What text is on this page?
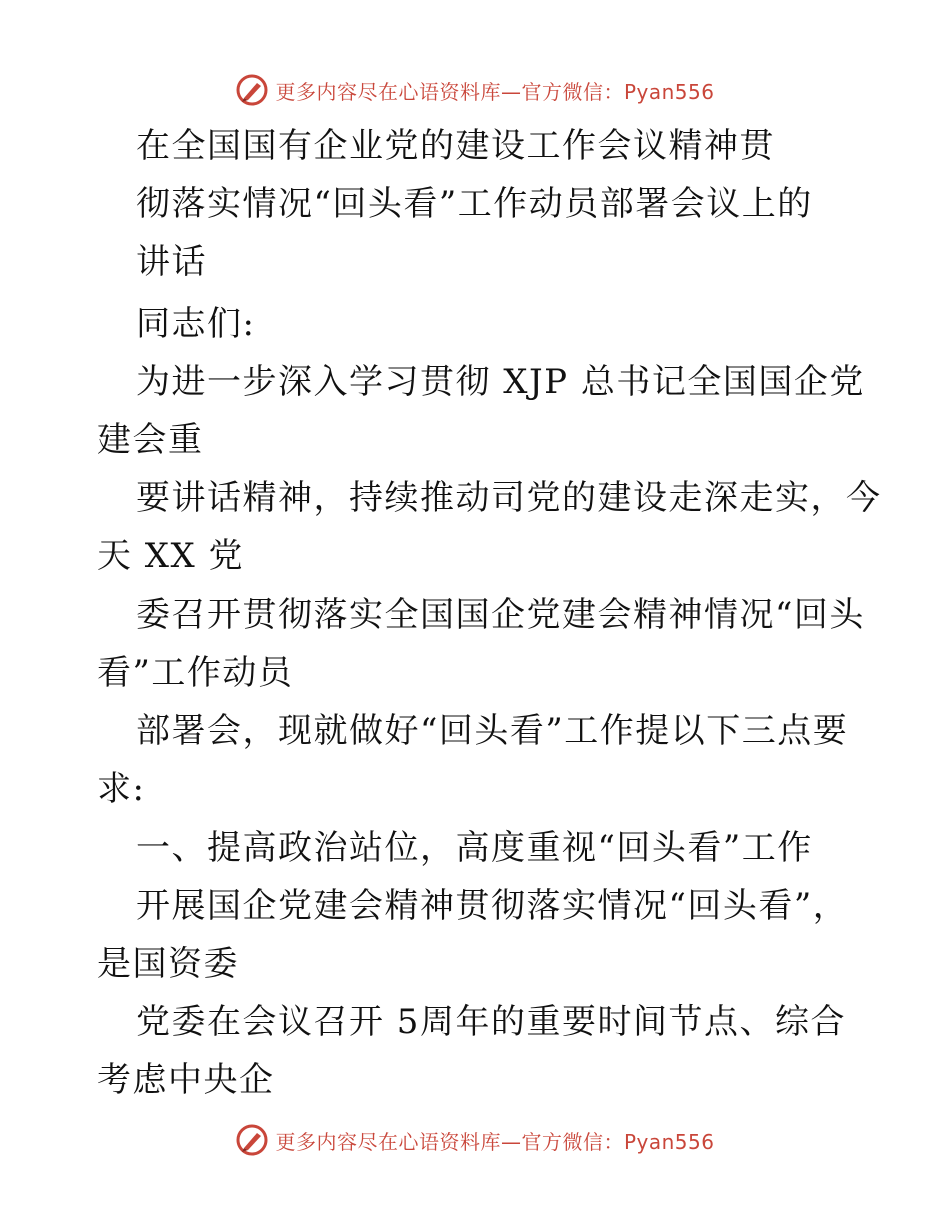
更多内容尽在心语资料库—官方微信：Pyan556
在全国国有企业党的建设工作会议精神贯
彻落实情况“回头看”工作动员部署会议上的
讲话
同志们:
为进一步深入学习贯彻 XJP 总书记全国国企党
建会重
要讲话精神，持续推动司党的建设走深走实，今
天 XX 党
委召开贯彻落实全国国企党建会精神情况“回头
看”工作动员
部署会，现就做好“回头看”工作提以下三点要
求:
一、提高政治站位，高度重视“回头看”工作
开展国企党建会精神贯彻落实情况“回头看”，
是国资委
党委在会议召开 5周年的重要时间节点、综合
考虑中央企
更多内容尽在心语资料库—官方微信：Pyan556
